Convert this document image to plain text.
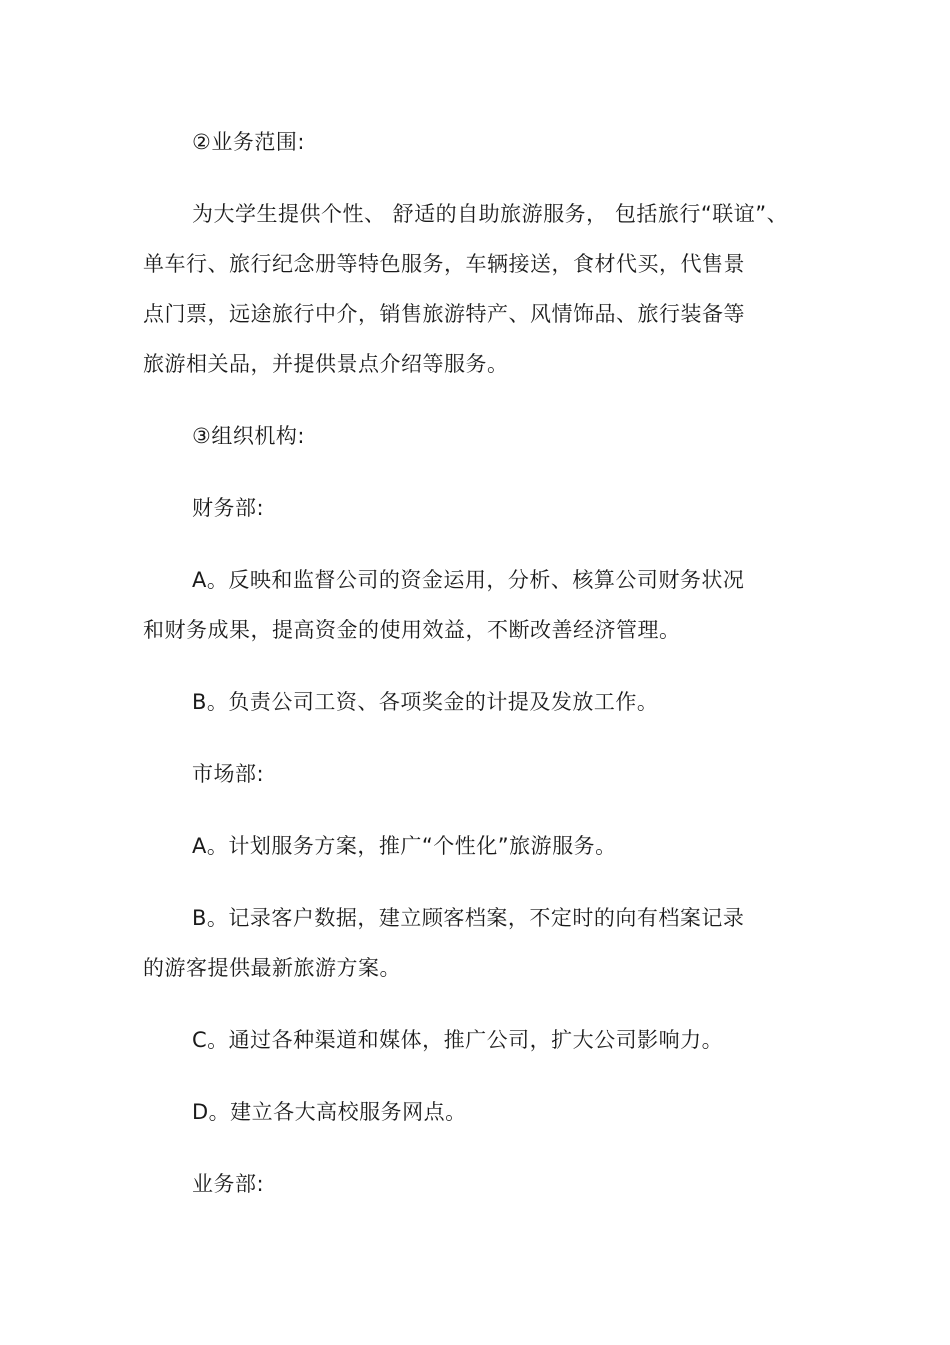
②业务范围:
为大学生提供个性、 舒适的自助旅游服务， 包括旅行“联谊”、
单车行、旅行纪念册等特色服务，车辆接送，食材代买，代售景
点门票，远途旅行中介，销售旅游特产、风情饰品、旅行装备等
旅游相关品，并提供景点介绍等服务。
③组织机构:
财务部:
A。反映和监督公司的资金运用，分析、核算公司财务状况
和财务成果，提高资金的使用效益，不断改善经济管理。
B。负责公司工资、各项奖金的计提及发放工作。
市场部:
A。计划服务方案，推广“个性化”旅游服务。
B。记录客户数据，建立顾客档案，不定时的向有档案记录
的游客提供最新旅游方案。
C。通过各种渠道和媒体，推广公司，扩大公司影响力。
D。建立各大高校服务网点。
业务部:
